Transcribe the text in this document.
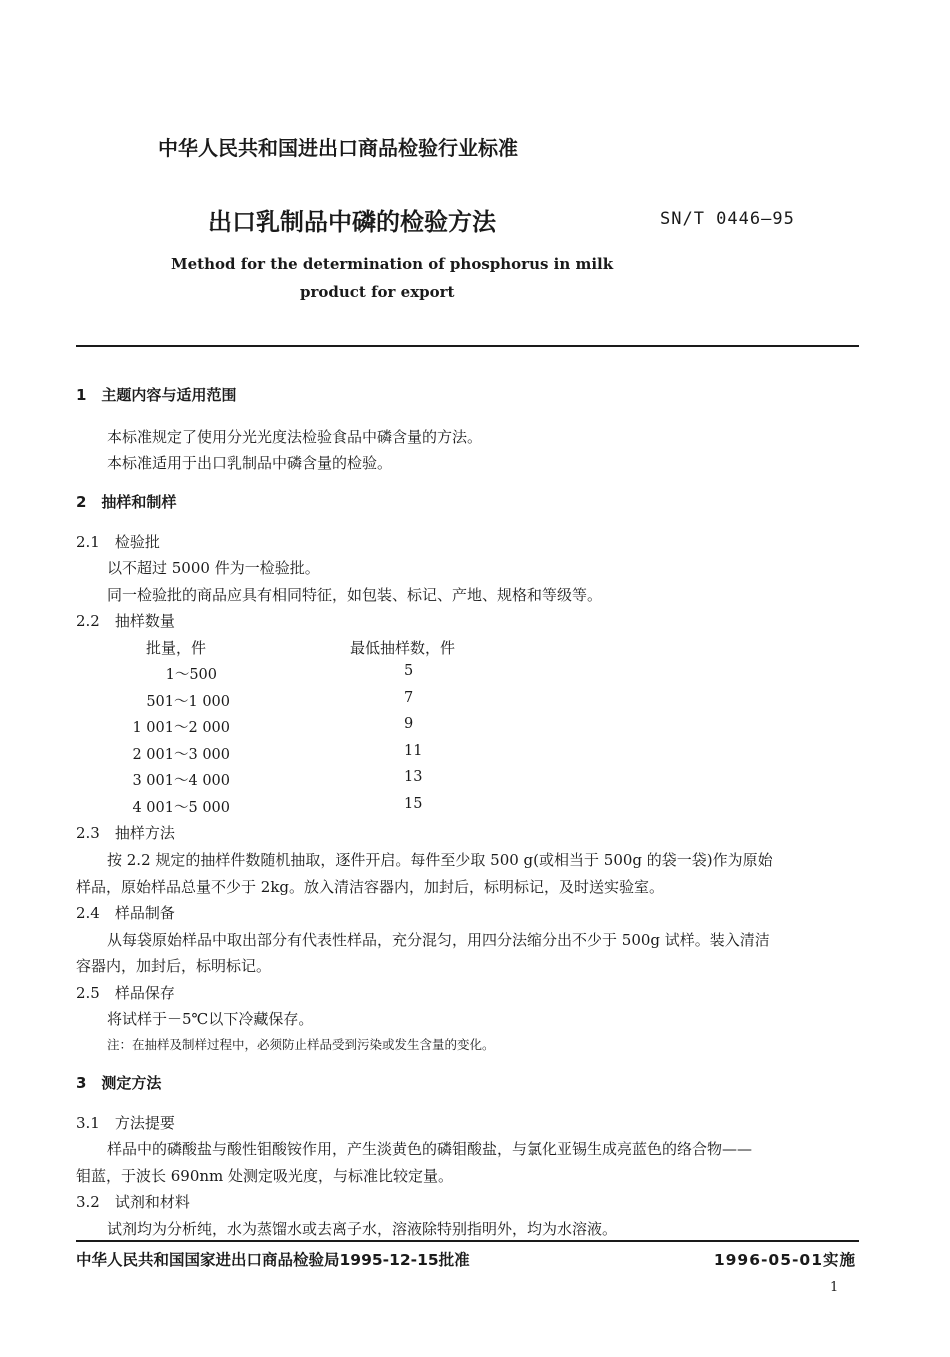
中华人民共和国进出口商品检验行业标准
出口乳制品中磷的检验方法	SN/T 0446—95
Method for the determination of phosphorus in milk
product for export
1　主题内容与适用范围
本标准规定了使用分光光度法检验食品中磷含量的方法。
本标准适用于出口乳制品中磷含量的检验。
2　抽样和制样
2.1　检验批
以不超过 5000 件为一检验批。
同一检验批的商品应具有相同特征，如包装、标记、产地、规格和等级等。
2.2　抽样数量
批量，件	最低抽样数，件
1～500	5
501～1 000	7
1 001～2 000	9
2 001～3 000	11
3 001～4 000	13
4 001～5 000	15
2.3　抽样方法
按 2.2 规定的抽样件数随机抽取，逐件开启。每件至少取 500 g(或相当于 500g 的袋一袋)作为原始
样品，原始样品总量不少于 2kg。放入清洁容器内，加封后，标明标记，及时送实验室。
2.4　样品制备
从每袋原始样品中取出部分有代表性样品，充分混匀，用四分法缩分出不少于 500g 试样。装入清洁
容器内，加封后，标明标记。
2.5　样品保存
将试样于－5℃以下冷藏保存。
注：在抽样及制样过程中，必须防止样品受到污染或发生含量的变化。
3　测定方法
3.1　方法提要
样品中的磷酸盐与酸性钼酸铵作用，产生淡黄色的磷钼酸盐，与氯化亚锡生成亮蓝色的络合物——
钼蓝，于波长 690nm 处测定吸光度，与标准比较定量。
3.2　试剂和材料
试剂均为分析纯，水为蒸馏水或去离子水，溶液除特别指明外，均为水溶液。
中华人民共和国国家进出口商品检验局1995-12-15批准	1996-05-01实施
1
